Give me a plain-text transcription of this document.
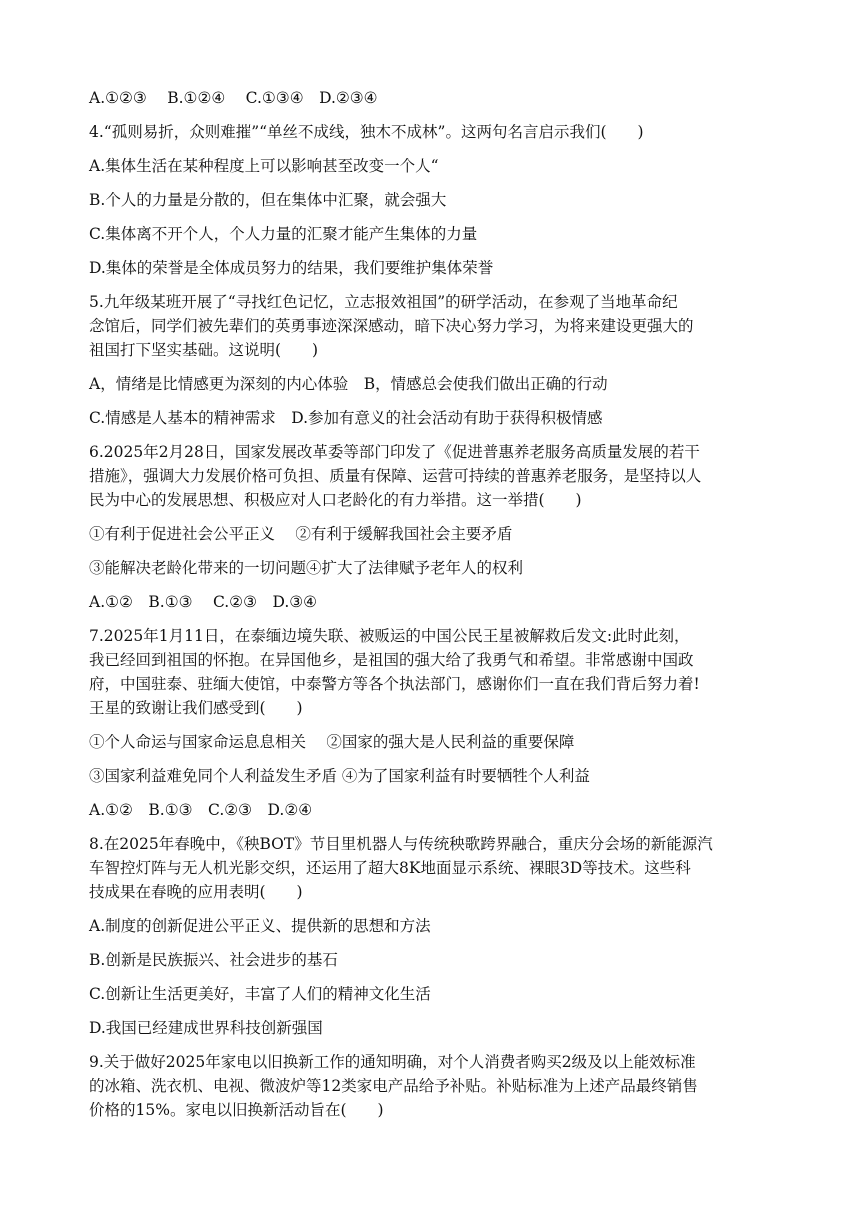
A.①②③　 B.①②④　 C.①③④　D.②③④

4.“孤则易折，众则难摧”“单丝不成线，独木不成林”。这两句名言启示我们(　　)

A.集体生活在某种程度上可以影响甚至改变一个人“

B.个人的力量是分散的，但在集体中汇聚，就会强大

C.集体离不开个人，个人力量的汇聚才能产生集体的力量

D.集体的荣誉是全体成员努力的结果，我们要维护集体荣誉

5.九年级某班开展了“寻找红色记忆，立志报效祖国”的研学活动，在参观了当地革命纪

念馆后，同学们被先辈们的英勇事迹深深感动，暗下决心努力学习，为将来建设更强大的

祖国打下坚实基础。这说明(　　)

A，情绪是比情感更为深刻的内心体验　B，情感总会使我们做出正确的行动

C.情感是人基本的精神需求　D.参加有意义的社会活动有助于获得积极情感

6.2025年2月28日，国家发展改革委等部门印发了《促进普惠养老服务高质量发展的若干

措施》，强调大力发展价格可负担、质量有保障、运营可持续的普惠养老服务，是坚持以人

民为中心的发展思想、积极应对人口老龄化的有力举措。这一举措(　　)

①有利于促进社会公平正义　 ②有利于缓解我国社会主要矛盾

③能解决老龄化带来的一切问题④扩大了法律赋予老年人的权利

A.①②　B.①③　 C.②③　D.③④

7.2025年1月11日，在泰缅边境失联、被贩运的中国公民王星被解救后发文:此时此刻，

我已经回到祖国的怀抱。在异国他乡，是祖国的强大给了我勇气和希望。非常感谢中国政

府，中国驻泰、驻缅大使馆，中泰警方等各个执法部门，感谢你们一直在我们背后努力着!

王星的致谢让我们感受到(　　)

①个人命运与国家命运息息相关　 ②国家的强大是人民利益的重要保障

③国家利益难免同个人利益发生矛盾 ④为了国家利益有时要牺牲个人利益

A.①②　B.①③　C.②③　D.②④

8.在2025年春晚中，《秧BOT》节目里机器人与传统秧歌跨界融合，重庆分会场的新能源汽

车智控灯阵与无人机光影交织，还运用了超大8K地面显示系统、裸眼3D等技术。这些科

技成果在春晚的应用表明(　　)

A.制度的创新促进公平正义、提供新的思想和方法

B.创新是民族振兴、社会进步的基石

C.创新让生活更美好，丰富了人们的精神文化生活

D.我国已经建成世界科技创新强国

9.关于做好2025年家电以旧换新工作的通知明确，对个人消费者购买2级及以上能效标准

的冰箱、洗衣机、电视、微波炉等12类家电产品给予补贴。补贴标准为上述产品最终销售

价格的15%。家电以旧换新活动旨在(　　)
